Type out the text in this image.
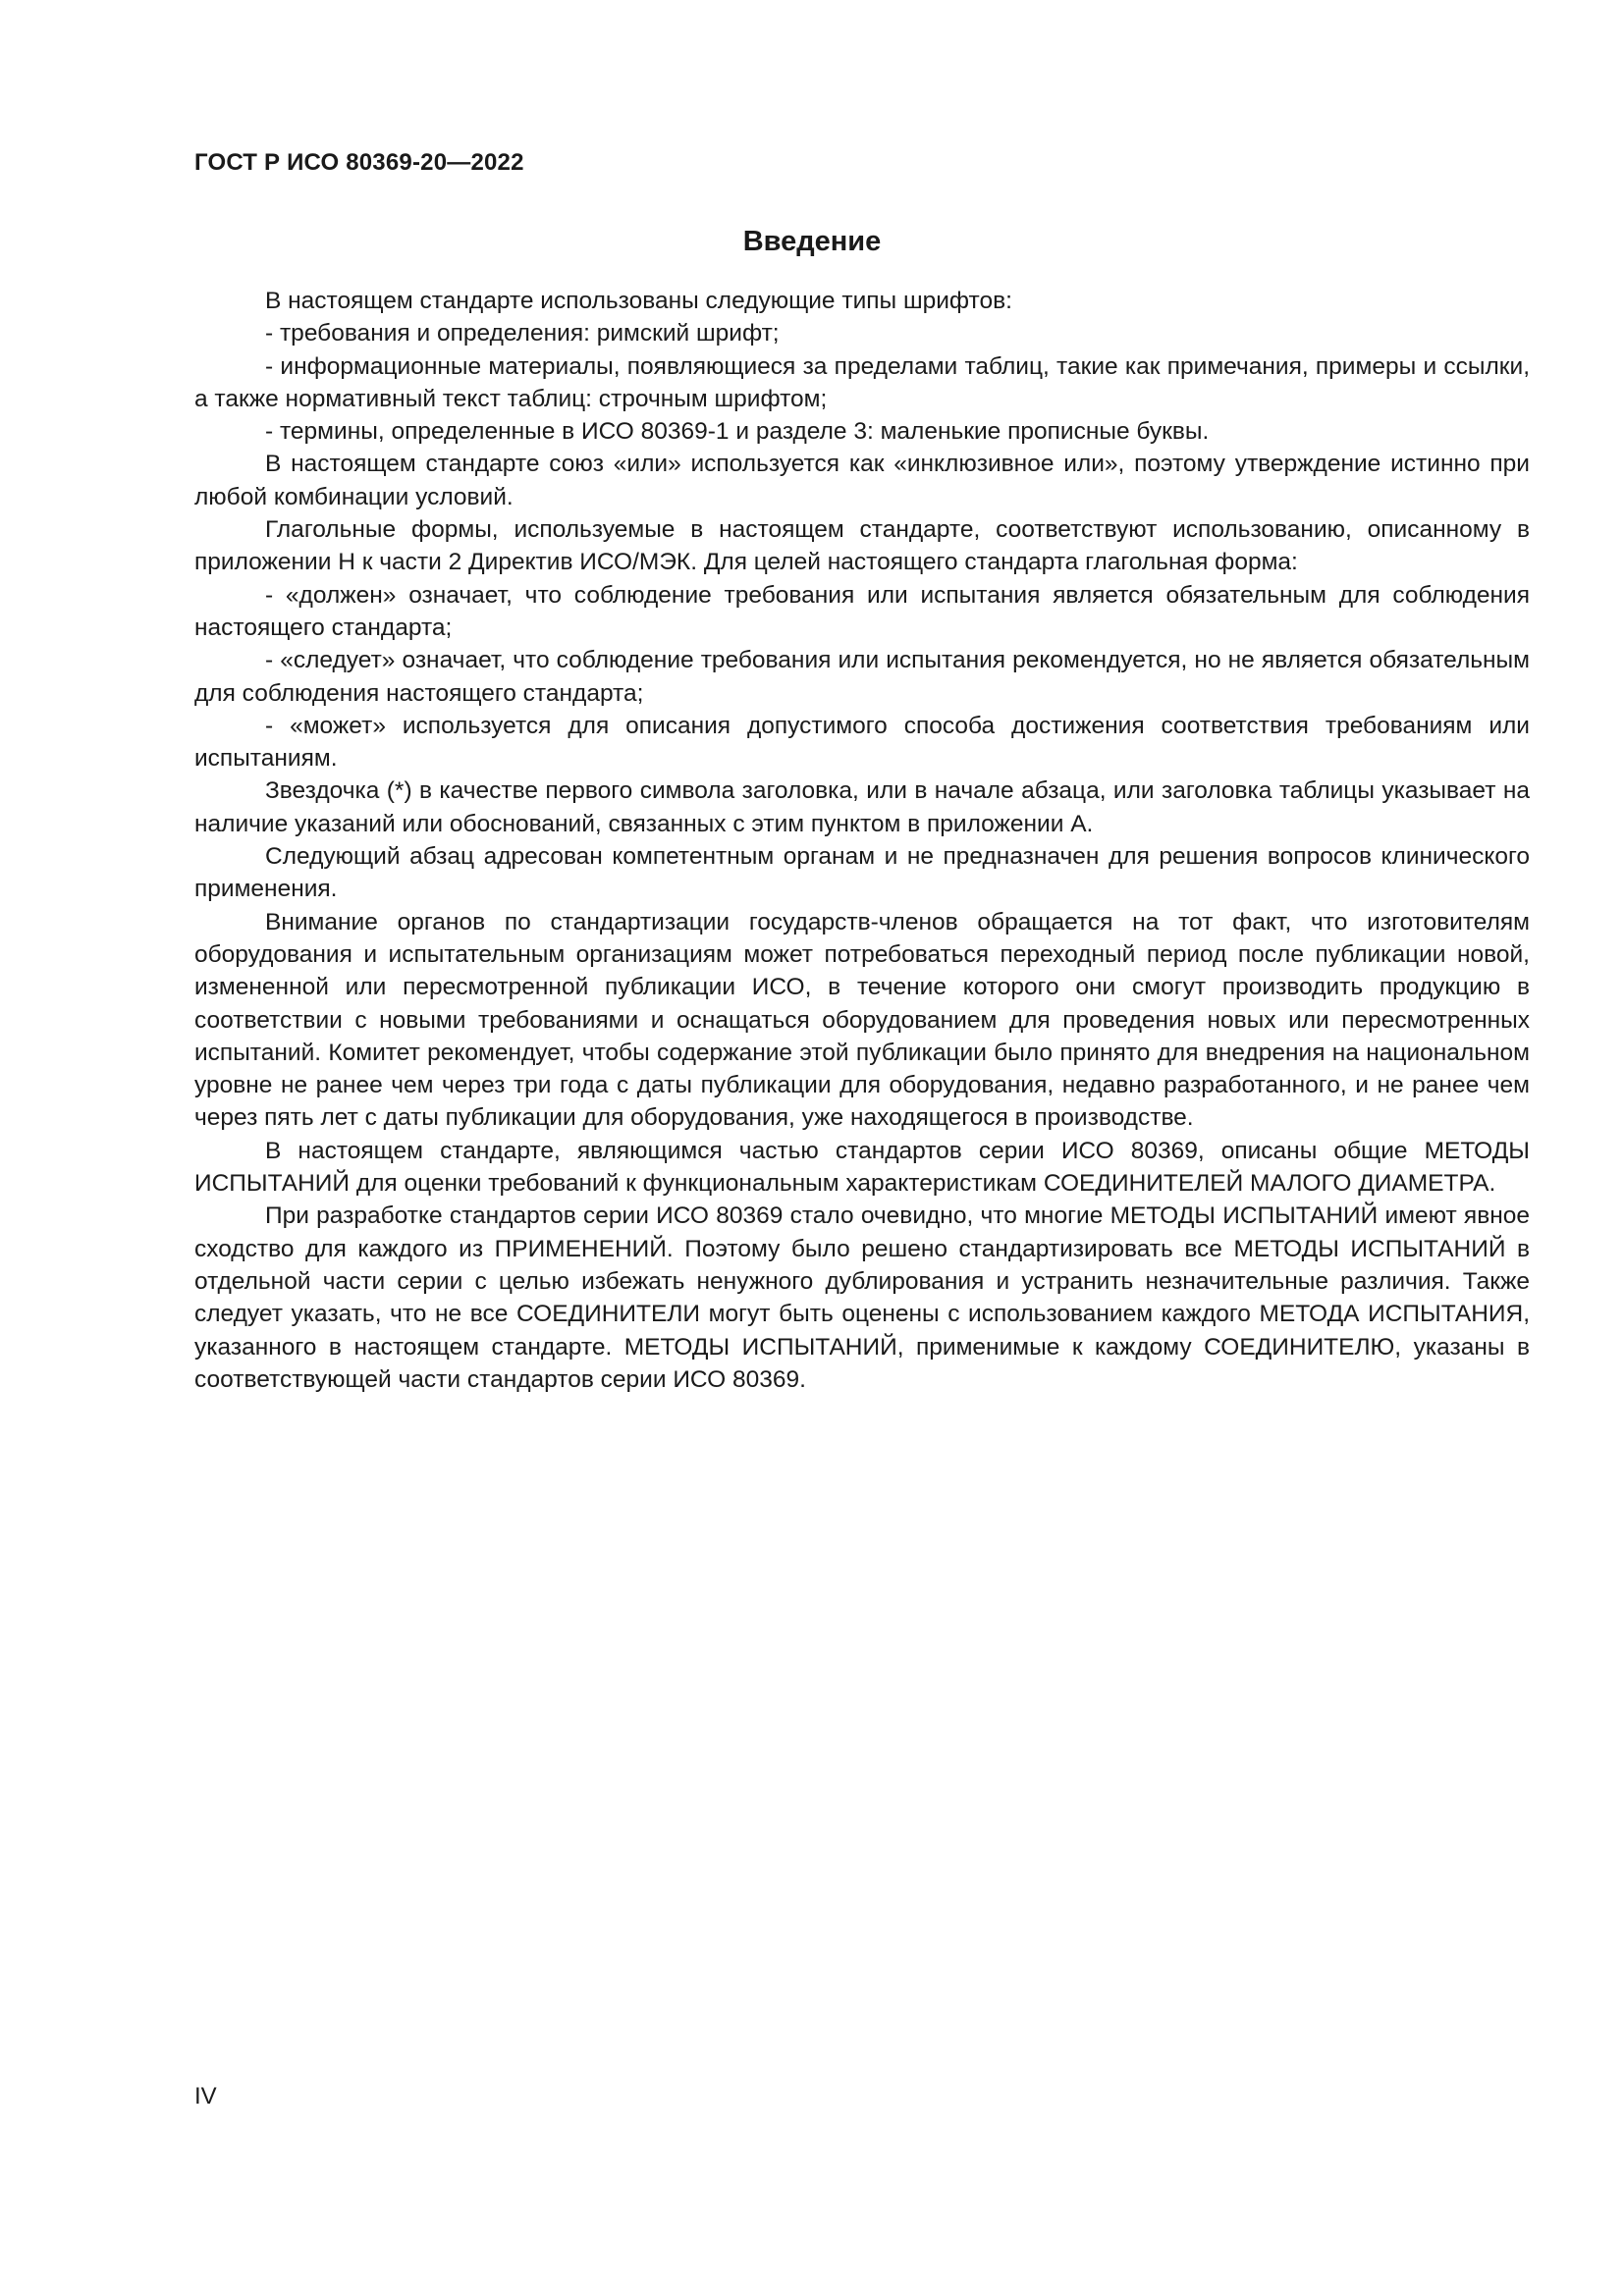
ГОСТ Р ИСО 80369-20—2022
Введение

В настоящем стандарте использованы следующие типы шрифтов:

- требования и определения: римский шрифт;

- информационные материалы, появляющиеся за пределами таблиц, такие как примечания, примеры и ссылки, а также нормативный текст таблиц: строчным шрифтом;

- термины, определенные в ИСО 80369-1 и разделе 3: маленькие прописные буквы.

В настоящем стандарте союз «или» используется как «инклюзивное или», поэтому утверждение истинно при любой комбинации условий.

Глагольные формы, используемые в настоящем стандарте, соответствуют использованию, описанному в приложении Н к части 2 Директив ИСО/МЭК. Для целей настоящего стандарта глагольная форма:

- «должен» означает, что соблюдение требования или испытания является обязательным для соблюдения настоящего стандарта;

- «следует» означает, что соблюдение требования или испытания рекомендуется, но не является обязательным для соблюдения настоящего стандарта;

- «может» используется для описания допустимого способа достижения соответствия требованиям или испытаниям.

Звездочка (*) в качестве первого символа заголовка, или в начале абзаца, или заголовка таблицы указывает на наличие указаний или обоснований, связанных с этим пунктом в приложении А.

Следующий абзац адресован компетентным органам и не предназначен для решения вопросов клинического применения.

Внимание органов по стандартизации государств-членов обращается на тот факт, что изготовителям оборудования и испытательным организациям может потребоваться переходный период после публикации новой, измененной или пересмотренной публикации ИСО, в течение которого они смогут производить продукцию в соответствии с новыми требованиями и оснащаться оборудованием для проведения новых или пересмотренных испытаний. Комитет рекомендует, чтобы содержание этой публикации было принято для внедрения на национальном уровне не ранее чем через три года с даты публикации для оборудования, недавно разработанного, и не ранее чем через пять лет с даты публикации для оборудования, уже находящегося в производстве.

В настоящем стандарте, являющимся частью стандартов серии ИСО 80369, описаны общие МЕТОДЫ ИСПЫТАНИЙ для оценки требований к функциональным характеристикам СОЕДИНИТЕЛЕЙ МАЛОГО ДИАМЕТРА.

При разработке стандартов серии ИСО 80369 стало очевидно, что многие МЕТОДЫ ИСПЫТАНИЙ имеют явное сходство для каждого из ПРИМЕНЕНИЙ. Поэтому было решено стандартизировать все МЕТОДЫ ИСПЫТАНИЙ в отдельной части серии с целью избежать ненужного дублирования и устранить незначительные различия. Также следует указать, что не все СОЕДИНИТЕЛИ могут быть оценены с использованием каждого МЕТОДА ИСПЫТАНИЯ, указанного в настоящем стандарте. МЕТОДЫ ИСПЫТАНИЙ, применимые к каждому СОЕДИНИТЕЛЮ, указаны в соответствующей части стандартов серии ИСО 80369.

IV
